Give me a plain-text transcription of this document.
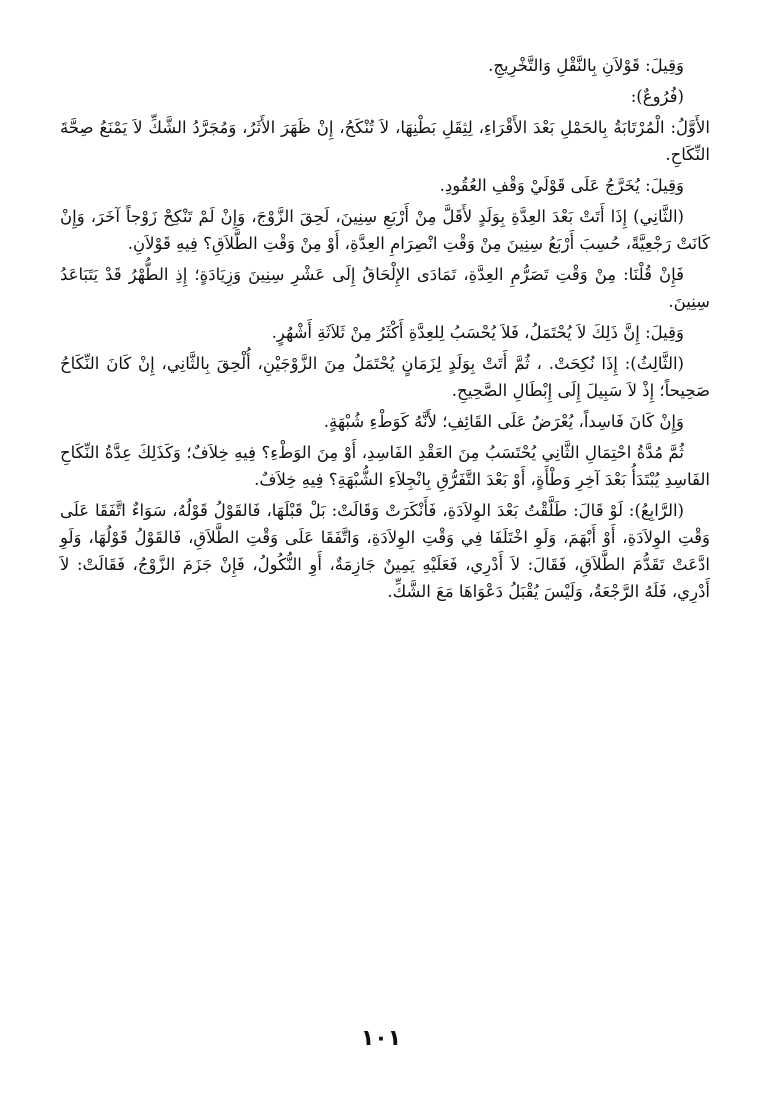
وَقِيلَ: قَوْلاَنِ بِالنَّقْلِ وَالتَّخْرِيجِ.

(فُرُوعٌ):

الأَوَّلُ: الْمُرْتَابَةُ بِالحَمْلِ بَعْدَ الأَقْرَاءِ، لِثِقَلِ بَطْنِهَا، لاَ تُنْكَحُ، إِنْ ظَهَرَ الأَثَرُ، وَمُجَرَّدُ الشَّكِّ لاَ يَمْنَعُ صِحَّةَ النِّكَاحِ.

وَقِيلَ: يُخَرَّجُ عَلَى قَوْلَيْ وَقْفِ العُقُودِ.

(الثَّانِي) إِذَا أَتَتْ بَعْدَ العِدَّةِ بِوَلَدٍ لأَقَلَّ مِنْ أَرْبَعِ سِنِينَ، لَحِقَ الزَّوْجَ، وَإِنْ لَمْ تَنْكِحْ زَوْجاً آخَرَ، وَإِنْ كَانَتْ رَجْعِيَّةً، حُسِبَ أَرْبَعُ سِنِينَ مِنْ وَقْتِ انْصِرَامِ العِدَّةِ، أَوْ مِنْ وَقْتِ الطَّلاَقِ؟ فِيهِ قَوْلاَنِ.

فَإِنْ قُلْنَا: مِنْ وَقْتِ تَصَرُّمِ العِدَّةِ، تَمَادَى الإِلْحَاقُ إِلَى عَشْرِ سِنِينَ وَزِيَادَةٍ؛ إِذِ الطُّهْرُ قَدْ يَتَبَاعَدُ سِنِينَ.

وَقِيلَ: إِنَّ ذَلِكَ لاَ يُحْتَمَلُ، فَلاَ يُحْسَبُ لِلعِدَّةِ أَكْثَرُ مِنْ ثَلاَثَةِ أَشْهُرٍ.

(الثَّالِثُ): إِذَا نُكِحَتْ. ، ثُمَّ أَتَتْ بِوَلَدٍ لِزَمَانٍ يُحْتَمَلُ مِنَ الزَّوْجَيْنِ، أُلْحِقَ بِالثَّانِي، إِنْ كَانَ النِّكَاحُ صَحِيحاً؛ إِذْ لاَ سَبِيلَ إِلَى إِبْطَالِ الصَّحِيحِ.

وَإِنْ كَانَ فَاسِداً، يُعْرَضُ عَلَى القَائِفِ؛ لأَنَّهُ كَوَطْءِ شُبْهَةٍ.

ثُمَّ مُدَّةُ احْتِمَالِ الثَّانِي يُحْتَسَبُ مِنَ العَقْدِ الفَاسِدِ، أَوْ مِنَ الوَطْءِ؟ فِيهِ خِلاَفٌ؛ وَكَذَلِكَ عِدَّةُ النِّكَاحِ الفَاسِدِ يُبْتَدَأُ بَعْدَ آخِرِ وَطْأَةٍ، أَوْ بَعْدَ التَّفَرُّقِ بِانْجِلاَءِ الشُّبْهَةِ؟ فِيهِ خِلاَفٌ.

(الرَّابِعُ): لَوْ قَالَ: طَلَّقْتُ بَعْدَ الوِلاَدَةِ، فَأَنْكَرَتْ وَقَالَتْ: بَلْ قَبْلَهَا، فَالقَوْلُ قَوْلُهُ، سَوَاءٌ اتَّفَقَا عَلَى وَقْتِ الوِلاَدَةِ، أَوْ أَبْهَمَ، وَلَوِ اخْتَلَفَا فِي وَقْتِ الوِلاَدَةِ، وَاتَّفَقَا عَلَى وَقْتِ الطَّلاَقِ، فَالقَوْلُ قَوْلُهَا، وَلَوِ ادَّعَتْ تَقَدُّمَ الطَّلاَقِ، فَقَالَ: لاَ أَدْرِي، فَعَلَيْهِ يَمِينٌ جَازِمَةٌ، أَوِ النُّكُولُ، فَإِنْ جَزَمَ الزَّوْجُ، فَقَالَتْ: لاَ أَدْرِي، فَلَهُ الرَّجْعَةُ، وَلَيْسَ يُقْبَلُ دَعْوَاهَا مَعَ الشَّكِّ.

١٠١
